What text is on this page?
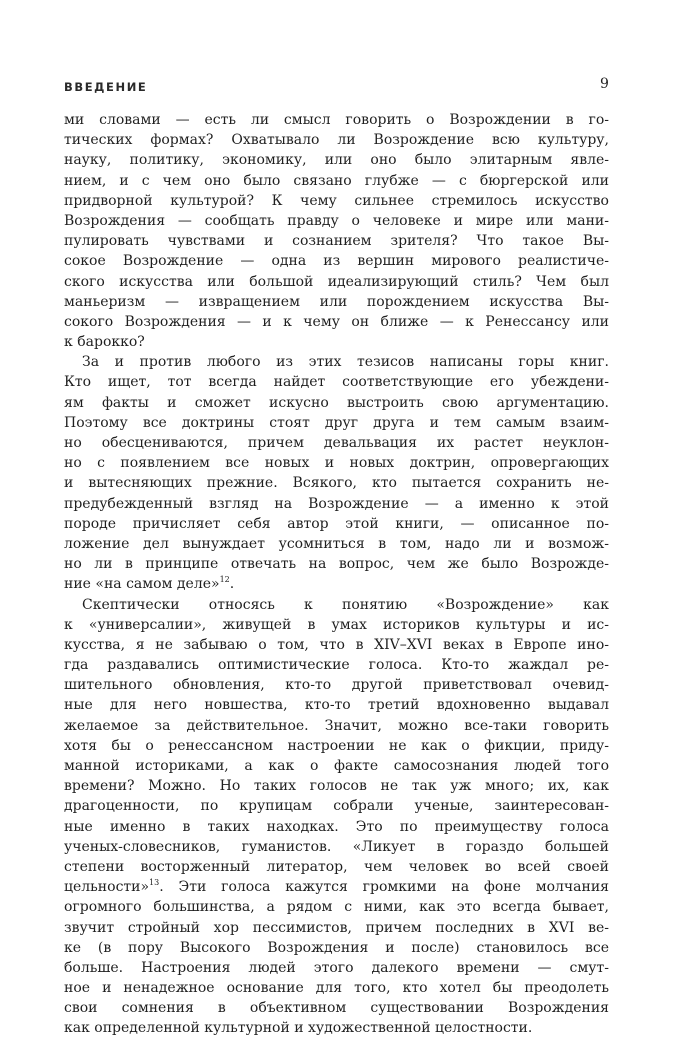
ВВЕДЕНИЕ	9
ми словами — есть ли смысл говорить о Возрождении в го-
тических формах? Охватывало ли Возрождение всю культуру,
науку, политику, экономику, или оно было элитарным явле-
нием, и с чем оно было связано глубже — с бюргерской или
придворной культурой? К чему сильнее стремилось искусство
Возрождения — сообщать правду о человеке и мире или мани-
пулировать чувствами и сознанием зрителя? Что такое Вы-
сокое Возрождение — одна из вершин мирового реалистиче-
ского искусства или большой идеализирующий стиль? Чем был
маньеризм — извращением или порождением искусства Вы-
сокого Возрождения — и к чему он ближе — к Ренессансу или
к барокко?
За и против любого из этих тезисов написаны горы книг.
Кто ищет, тот всегда найдет соответствующие его убеждени-
ям факты и сможет искусно выстроить свою аргументацию.
Поэтому все доктрины стоят друг друга и тем самым взаим-
но обесцениваются, причем девальвация их растет неуклон-
но с появлением все новых и новых доктрин, опровергающих
и вытесняющих прежние. Всякого, кто пытается сохранить не-
предубежденный взгляд на Возрождение — а именно к этой
породе причисляет себя автор этой книги, — описанное по-
ложение дел вынуждает усомниться в том, надо ли и возмож-
но ли в принципе отвечать на вопрос, чем же было Возрожде-
ние «на самом деле»$^{12}$.
Скептически относясь к понятию «Возрождение» как
к «универсалии», живущей в умах историков культуры и ис-
кусства, я не забываю о том, что в XIV–XVI веках в Европе ино-
гда раздавались оптимистические голоса. Кто-то жаждал ре-
шительного обновления, кто-то другой приветствовал очевид-
ные для него новшества, кто-то третий вдохновенно выдавал
желаемое за действительное. Значит, можно все-таки говорить
хотя бы о ренессансном настроении не как о фикции, приду-
манной историками, а как о факте самосознания людей того
времени? Можно. Но таких голосов не так уж много; их, как
драгоценности, по крупицам собрали ученые, заинтересован-
ные именно в таких находках. Это по преимуществу голоса
ученых-словесников, гуманистов. «Ликует в гораздо большей
степени восторженный литератор, чем человек во всей своей
цельности»$^{13}$. Эти голоса кажутся громкими на фоне молчания
огромного большинства, а рядом с ними, как это всегда бывает,
звучит стройный хор пессимистов, причем последних в XVI ве-
ке (в пору Высокого Возрождения и после) становилось все
больше. Настроения людей этого далекого времени — смут-
ное и ненадежное основание для того, кто хотел бы преодолеть
свои сомнения в объективном существовании Возрождения
как определенной культурной и художественной целостности.
